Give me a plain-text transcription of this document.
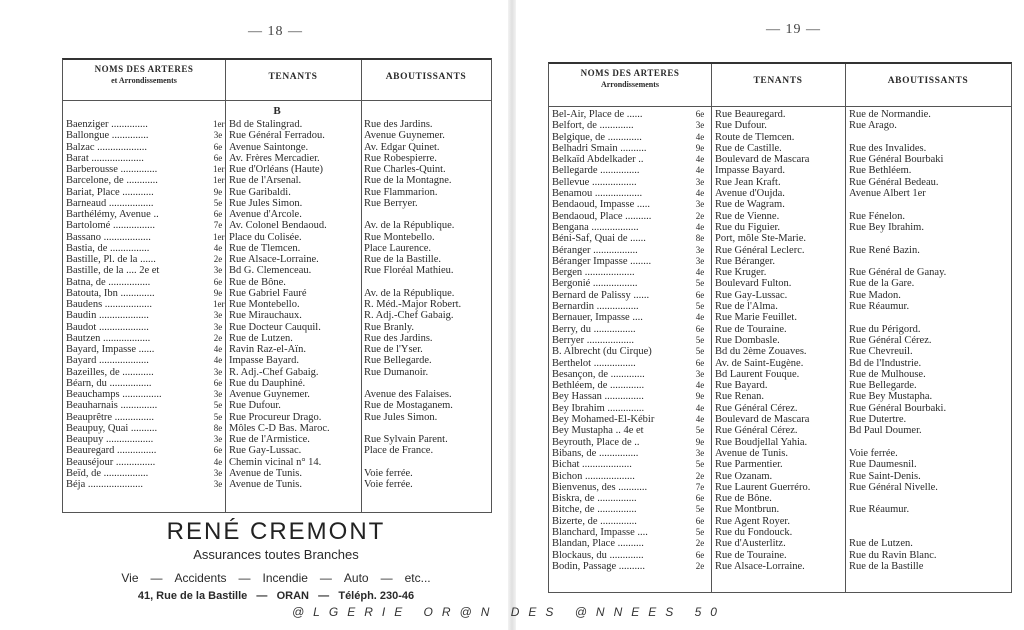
— 18 —
NOMS DES ARTERES
et Arrondissements	TENANTS	ABOUTISSANTS
B
Baenziger ..............	1er Bd de Stalingrad.	Rue des Jardins.
Ballongue ..............	3e Rue Général Ferradou.	Avenue Guynemer.
Balzac ...................	6e Avenue Saintonge.	Av. Edgar Quinet.
Barat ....................	6e Av. Frères Mercadier.	Rue Robespierre.
Barberousse ..............	1er Rue d'Orléans (Haute)	Rue Charles-Quint.
Barcelone, de ............	1er Rue de l'Arsenal.	Rue de la Montagne.
Bariat, Place ............	9e Rue Garibaldi.	Rue Flammarion.
Barneaud .................	5e Rue Jules Simon.	Rue Berryer.
Barthélémy, Avenue ..	6e Avenue d'Arcole.
Bartolomé ................	7e Av. Colonel Bendaoud.	Av. de la République.
Bassano ..................	1er Place du Colisée.	Rue Montebello.
Bastia, de ...............	4e Rue de Tlemcen.	Place Laurence.
Bastille, Pl. de la ......	2e Rue Alsace-Lorraine.	Rue de la Bastille.
Bastille, de la .... 2e et	3e Bd G. Clemenceau.	Rue Floréal Mathieu.
Batna, de ................	6e Rue de Bône.
Batouta, Ibn .............	9e Rue Gabriel Fauré	Av. de la République.
Baudens ..................	1er Rue Montebello.	R. Méd.-Major Robert.
Baudin ...................	3e Rue Mirauchaux.	R. Adj.-Chef Gabaig.
Baudot ...................	3e Rue Docteur Cauquil.	Rue Branly.
Bautzen ..................	2e Rue de Lutzen.	Rue des Jardins.
Bayard, Impasse ......	4e Ravin Raz-el-Aïn.	Rue de l'Yser.
Bayard ...................	4e Impasse Bayard.	Rue Bellegarde.
Bazeilles, de ............	3e R. Adj.-Chef Gabaig.	Rue Dumanoir.
Béarn, du ................	6e Rue du Dauphiné.
Beauchamps ...............	3e Avenue Guynemer.	Avenue des Falaises.
Beauharnais ..............	5e Rue Dufour.	Rue de Mostaganem.
Beauprêtre ...............	5e Rue Procureur Drago.	Rue Jules Simon.
Beaupuy, Quai ..........	8e Môles C-D Bas. Maroc.
Beaupuy ..................	3e Rue de l'Armistice.	Rue Sylvain Parent.
Beauregard ...............	6e Rue Gay-Lussac.	Place de France.
Beauséjour ...............	4e Chemin vicinal n° 14.
Beïd, de .................	3e Avenue de Tunis.	Voie ferrée.
Béja .....................	3e Avenue de Tunis.	Voie ferrée.
RENÉ CREMONT
Assurances toutes Branches
Vie — Accidents — Incendie — Auto — etc...
41, Rue de la Bastille   —   ORAN   —   Téléph. 230-46
— 19 —
NOMS DES ARTERES
Arrondissements	TENANTS	ABOUTISSANTS
Bel-Air, Place de ......	6e	Rue Beauregard.	Rue de Normandie.
Belfort, de .............	3e	Rue Dufour.	Rue Arago.
Belgique, de .............	4e	Route de Tlemcen.
Belhadri Smain ..........	9e	Rue de Castille.	Rue des Invalides.
Belkaïd Abdelkader ..	4e	Boulevard de Mascara	Rue Général Bourbaki
Bellegarde ...............	4e	Impasse Bayard.	Rue Bethléem.
Bellevue .................	3e	Rue Jean Kraft.	Rue Général Bedeau.
Benamou ..................	4e	Avenue d'Oujda.	Avenue Albert 1er
Bendaoud, Impasse .....	3e	Rue de Wagram.
Bendaoud, Place ..........	2e	Rue de Vienne.	Rue Fénelon.
Bengana ..................	4e	Rue du Figuier.	Rue Bey Ibrahim.
Béni-Saf, Quai de ......	8e	Port, môle Ste-Marie.
Béranger .................	3e	Rue Général Leclerc.	Rue René Bazin.
Béranger Impasse ........	3e	Rue Béranger.
Bergen ...................	4e	Rue Kruger.	Rue Général de Ganay.
Bergonié .................	5e	Boulevard Fulton.	Rue de la Gare.
Bernard de Palissy ......	6e	Rue Gay-Lussac.	Rue Madon.
Bernardin ................	5e	Rue de l'Alma.	Rue Réaumur.
Bernauer, Impasse ....	4e	Rue Marie Feuillet.
Berry, du ................	6e	Rue de Touraine.	Rue du Périgord.
Berryer ..................	5e	Rue Dombasle.	Rue Général Cérez.
B. Albrecht (du Cirque)	5e	Bd du 2ème Zouaves.	Rue Chevreuil.
Berthelot ................	6e	Av. de Saint-Eugène.	Bd de l'Industrie.
Besançon, de .............	3e	Bd Laurent Fouque.	Rue de Mulhouse.
Bethléem, de .............	4e	Rue Bayard.	Rue Bellegarde.
Bey Hassan ...............	9e	Rue Renan.	Rue Bey Mustapha.
Bey Ibrahim ..............	4e	Rue Général Cérez.	Rue Général Bourbaki.
Bey Mohamed-El-Kébir	4e	Boulevard de Mascara	Rue Dutertre.
Bey Mustapha .. 4e et	5e	Rue Général Cérez.	Bd Paul Doumer.
Beyrouth, Place de ..	9e	Rue Boudjellal Yahia.
Bibans, de ...............	3e	Avenue de Tunis.	Voie ferrée.
Bichat ...................	5e	Rue Parmentier.	Rue Daumesnil.
Bichon ...................	2e	Rue Ozanam.	Rue Saint-Denis.
Bienvenus, des ...........	7e	Rue Laurent Guerréro.	Rue Général Nivelle.
Biskra, de ...............	6e	Rue de Bône.
Bitche, de ...............	5e	Rue Montbrun.	Rue Réaumur.
Bizerte, de ..............	6e	Rue Agent Royer.
Blanchard, Impasse ....	5e	Rue du Fondouck.
Blandan, Place ..........	2e	Rue d'Austerlitz.	Rue de Lutzen.
Blockaus, du .............	6e	Rue de Touraine.	Rue du Ravin Blanc.
Bodin, Passage ..........	2e	Rue Alsace-Lorraine.	Rue de la Bastille
@LGERIE OR@N DES @NNEES 50
